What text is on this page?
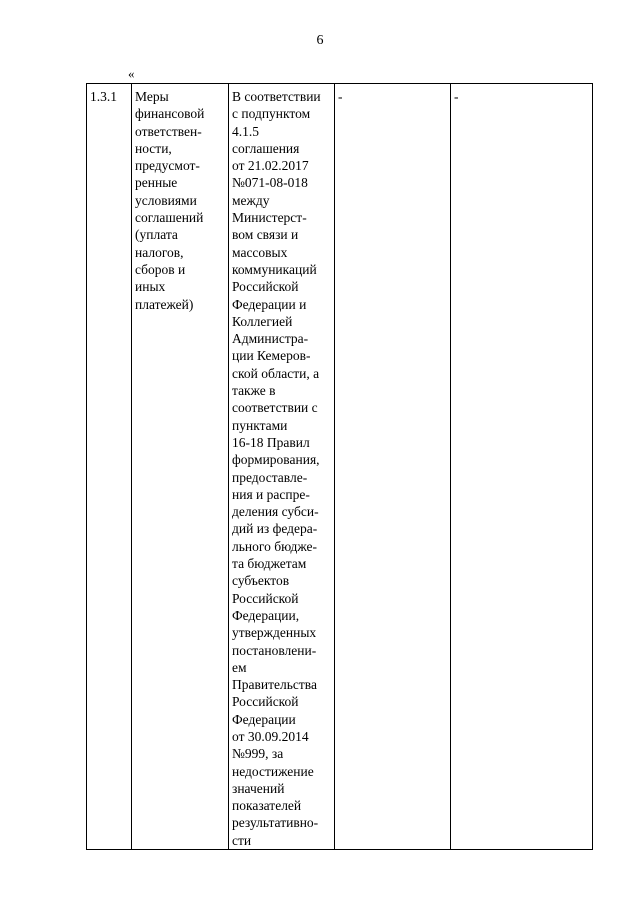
6
«
1.3.1	Меры
финансовой
ответствен-
ности,
предусмот-
ренные
условиями
соглашений
(уплата
налогов,
сборов и
иных
платежей)	В соответствии
с подпунктом
4.1.5
соглашения
от 21.02.2017
№071-08-018
между
Министерст-
вом связи и
массовых
коммуникаций
Российской
Федерации и
Коллегией
Администра-
ции Кемеров-
ской области, а
также в
соответствии с
пунктами
16-18 Правил
формирования,
предоставле-
ния и распре-
деления субси-
дий из федера-
льного бюдже-
та бюджетам
субъектов
Российской
Федерации,
утвержденных
постановлени-
ем
Правительства
Российской
Федерации
от 30.09.2014
№999, за
недостижение
значений
показателей
результативно-
сти	-	-
